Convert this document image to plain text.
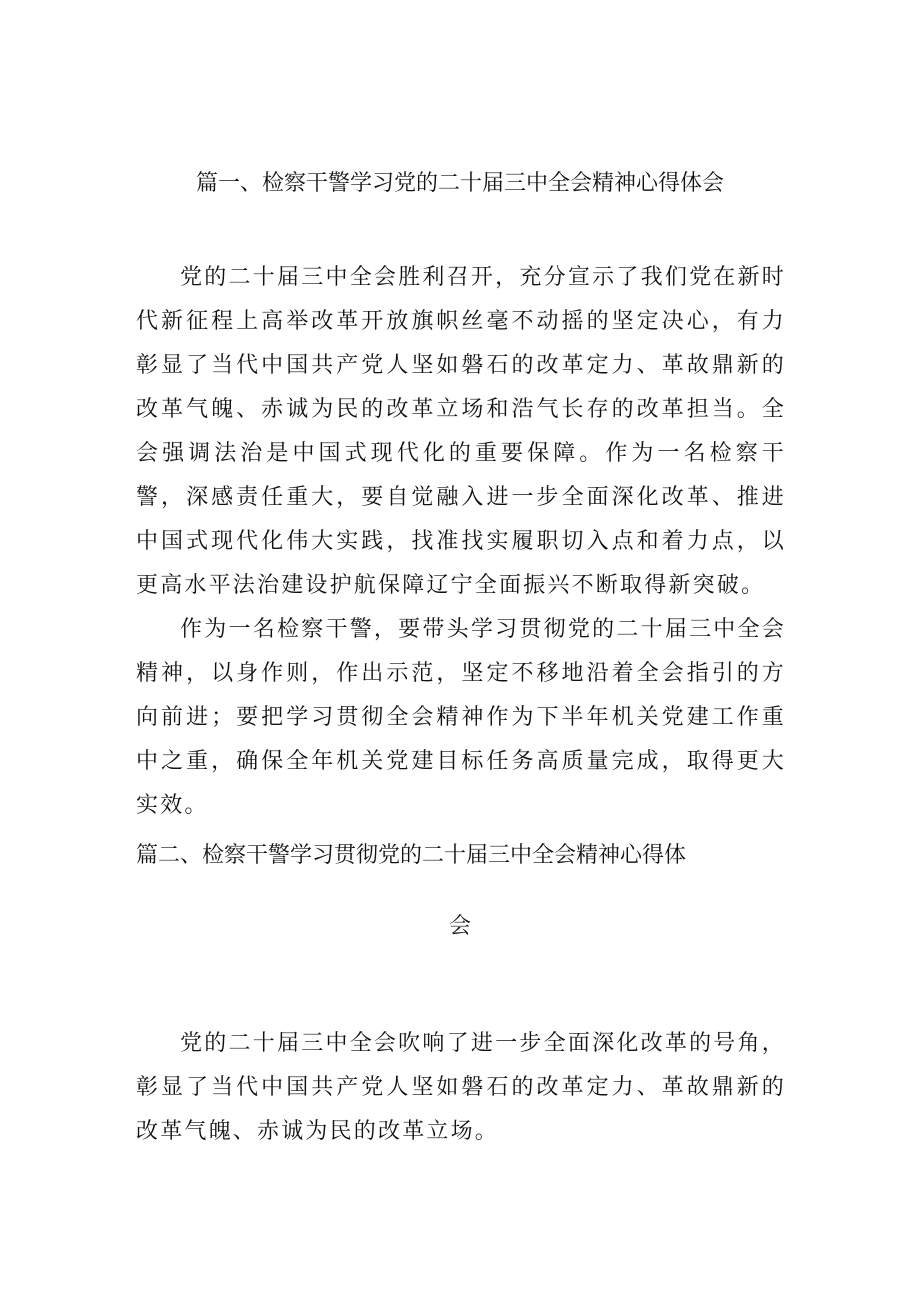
篇一、检察干警学习党的二十届三中全会精神心得体会

党的二十届三中全会胜利召开，充分宣示了我们党在新时代新征程上高举改革开放旗帜丝毫不动摇的坚定决心，有力彰显了当代中国共产党人坚如磐石的改革定力、革故鼎新的改革气魄、赤诚为民的改革立场和浩气长存的改革担当。全会强调法治是中国式现代化的重要保障。作为一名检察干警，深感责任重大，要自觉融入进一步全面深化改革、推进中国式现代化伟大实践，找准找实履职切入点和着力点，以更高水平法治建设护航保障辽宁全面振兴不断取得新突破。

作为一名检察干警，要带头学习贯彻党的二十届三中全会精神，以身作则，作出示范，坚定不移地沿着全会指引的方向前进；要把学习贯彻全会精神作为下半年机关党建工作重中之重，确保全年机关党建目标任务高质量完成，取得更大实效。

篇二、检察干警学习贯彻党的二十届三中全会精神心得体
会

党的二十届三中全会吹响了进一步全面深化改革的号角，彰显了当代中国共产党人坚如磐石的改革定力、革故鼎新的改革气魄、赤诚为民的改革立场。
